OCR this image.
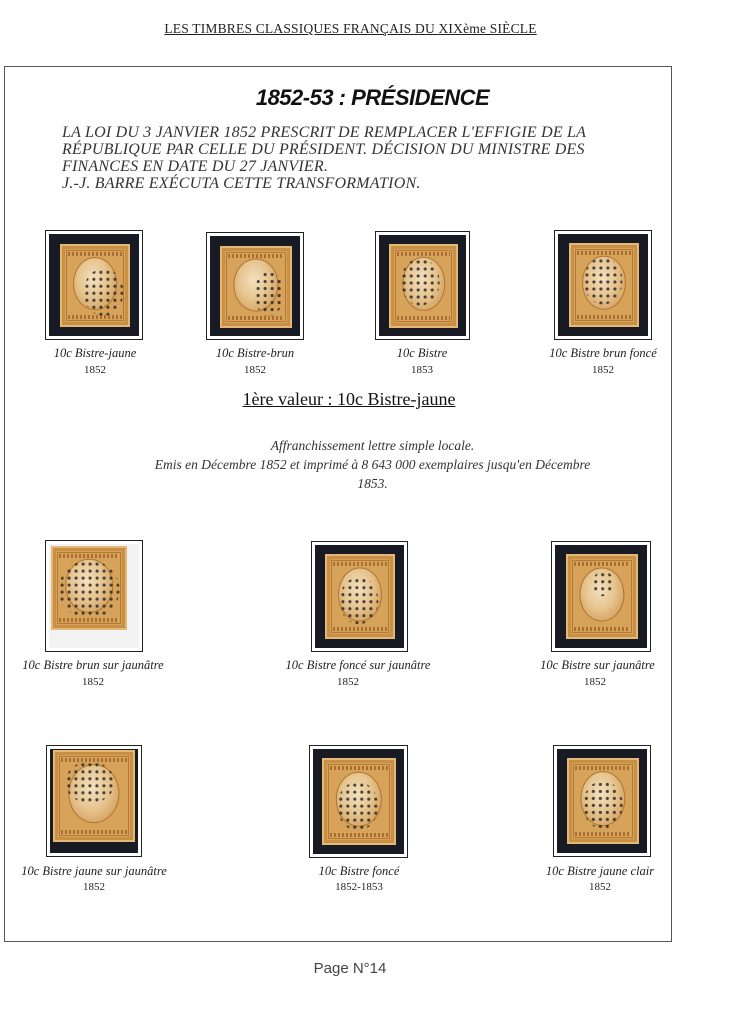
LES TIMBRES CLASSIQUES FRANÇAIS DU XIXème SIÈCLE
1852-53 : PRÉSIDENCE
LA LOI DU 3 JANVIER 1852 PRESCRIT DE REMPLACER L'EFFIGIE DE LA
RÉPUBLIQUE PAR CELLE DU PRÉSIDENT. DÉCISION DU MINISTRE DES
FINANCES EN DATE DU 27 JANVIER.
J.-J. BARRE EXÉCUTA CETTE TRANSFORMATION.
10c Bistre-jaune
1852
10c Bistre-brun
1852
10c Bistre
1853
10c Bistre brun foncé
1852
1ère valeur : 10c Bistre-jaune
Affranchissement lettre simple locale.
Emis en Décembre 1852 et imprimé à 8 643 000 exemplaires jusqu'en Décembre
1853.
10c Bistre brun sur jaunâtre
1852
10c Bistre foncé sur jaunâtre
1852
10c Bistre sur jaunâtre
1852
10c Bistre jaune sur jaunâtre
1852
10c Bistre foncé
1852-1853
10c Bistre jaune clair
1852
Page N°14
